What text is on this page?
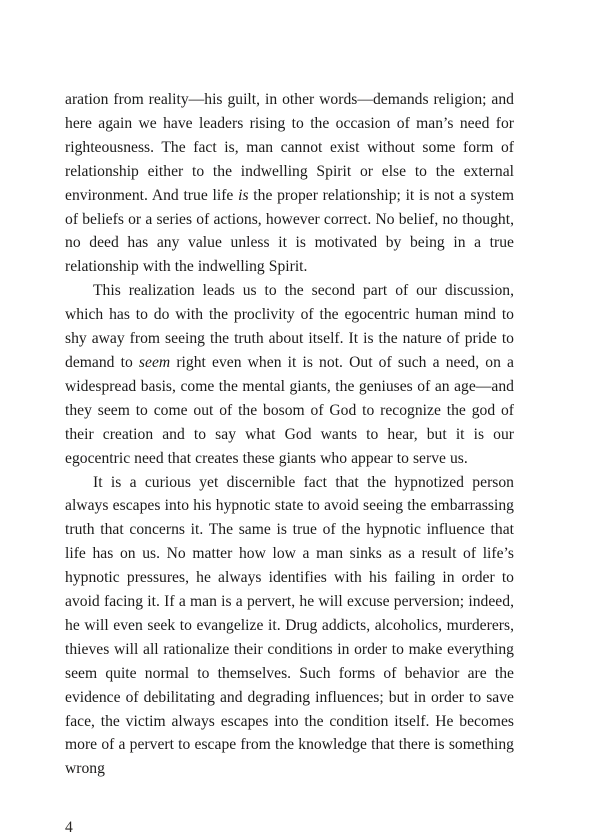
aration from reality—his guilt, in other words—demands religion; and here again we have leaders rising to the occasion of man’s need for righteousness. The fact is, man cannot exist without some form of relationship either to the indwelling Spirit or else to the external environment. And true life is the proper relationship; it is not a system of beliefs or a series of actions, however correct. No belief, no thought, no deed has any value unless it is motivated by being in a true relationship with the indwelling Spirit.

This realization leads us to the second part of our discussion, which has to do with the proclivity of the egocentric human mind to shy away from seeing the truth about itself. It is the nature of pride to demand to seem right even when it is not. Out of such a need, on a widespread basis, come the mental giants, the geniuses of an age—and they seem to come out of the bosom of God to recognize the god of their creation and to say what God wants to hear, but it is our egocentric need that creates these giants who appear to serve us.

It is a curious yet discernible fact that the hypnotized person always escapes into his hypnotic state to avoid seeing the embarrassing truth that concerns it. The same is true of the hypnotic influence that life has on us. No matter how low a man sinks as a result of life’s hypnotic pressures, he always identifies with his failing in order to avoid facing it. If a man is a pervert, he will excuse perversion; indeed, he will even seek to evangelize it. Drug addicts, alcoholics, murderers, thieves will all rationalize their conditions in order to make everything seem quite normal to themselves. Such forms of behavior are the evidence of debilitating and degrading influences; but in order to save face, the victim always escapes into the condition itself. He becomes more of a pervert to escape from the knowledge that there is something wrong

4
